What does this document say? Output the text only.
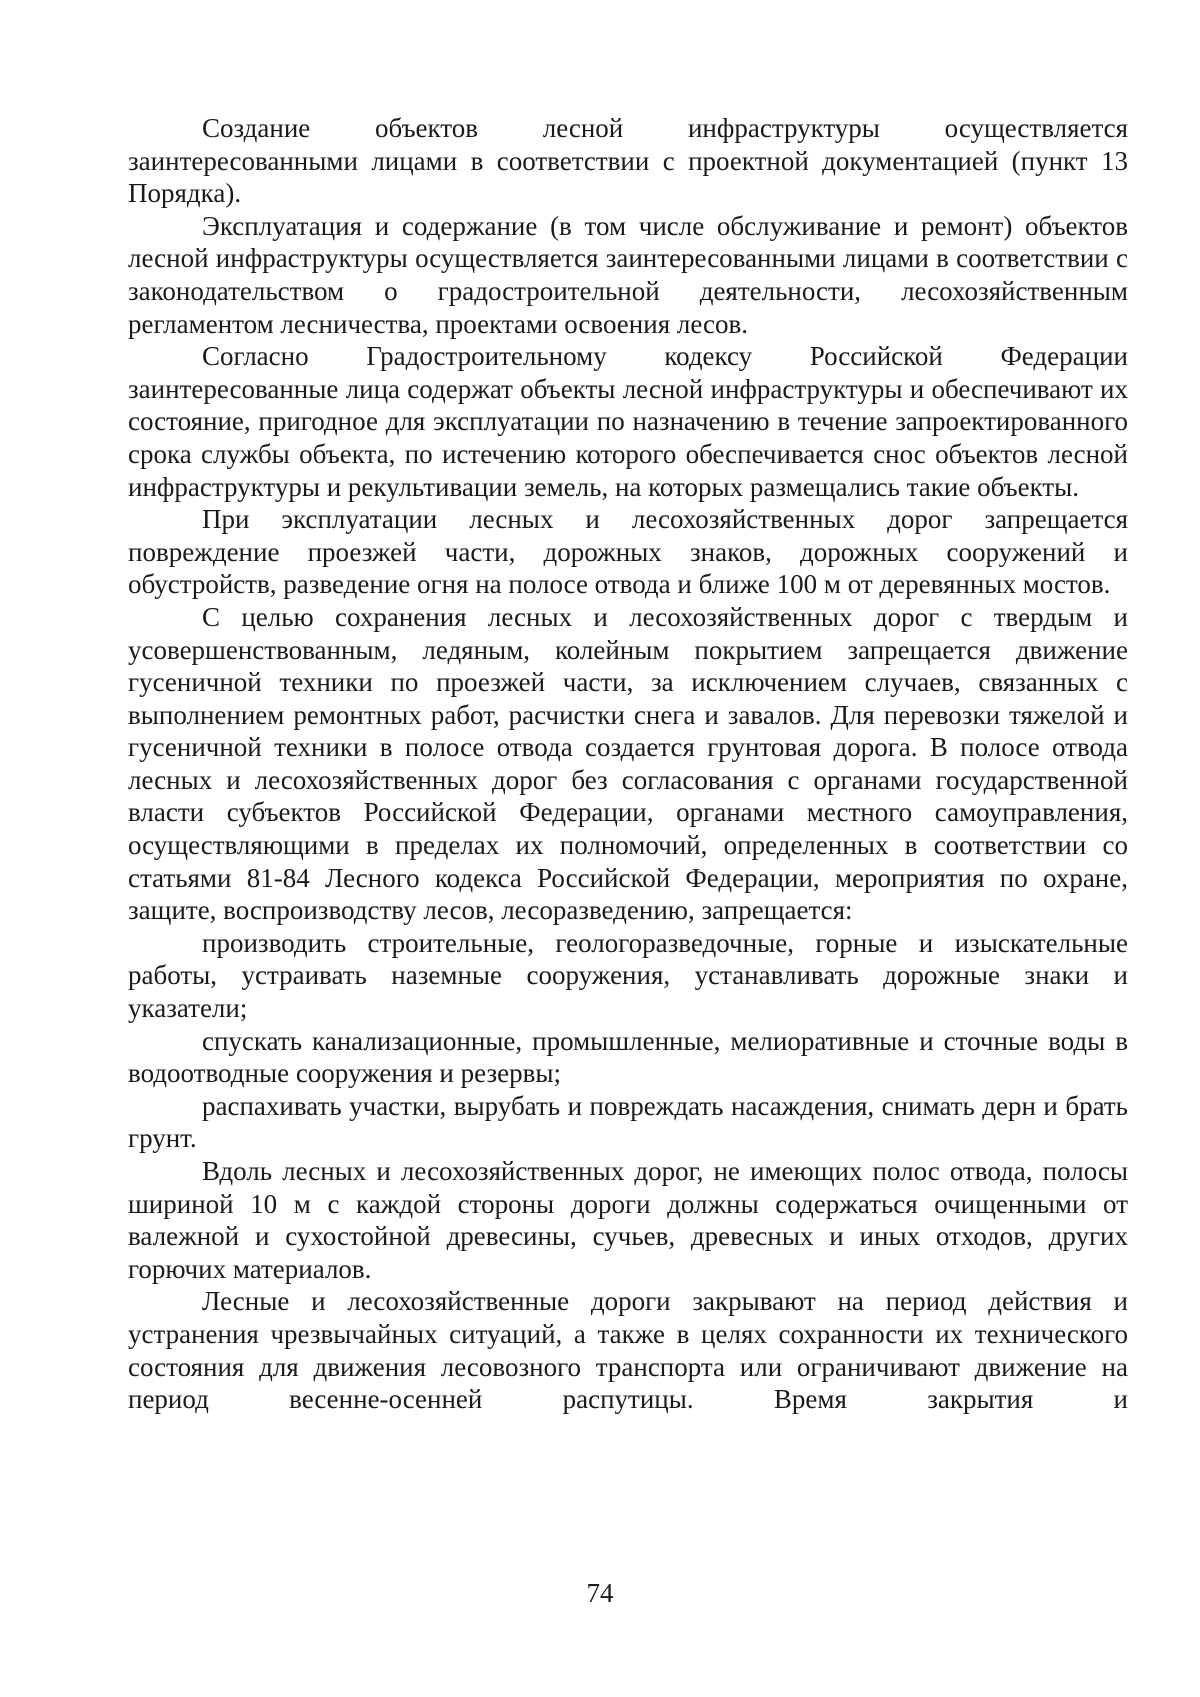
Создание объектов лесной инфраструктуры осуществляется заинтересованными лицами в соответствии с проектной документацией (пункт 13 Порядка).

Эксплуатация и содержание (в том числе обслуживание и ремонт) объектов лесной инфраструктуры осуществляется заинтересованными лицами в соответствии с законодательством о градостроительной деятельности, лесохозяйственным регламентом лесничества, проектами освоения лесов.

Согласно Градостроительному кодексу Российской Федерации заинтересованные лица содержат объекты лесной инфраструктуры и обеспечивают их состояние, пригодное для эксплуатации по назначению в течение запроектированного срока службы объекта, по истечению которого обеспечивается снос объектов лесной инфраструктуры и рекультивации земель, на которых размещались такие объекты.

При эксплуатации лесных и лесохозяйственных дорог запрещается повреждение проезжей части, дорожных знаков, дорожных сооружений и обустройств, разведение огня на полосе отвода и ближе 100 м от деревянных мостов.

С целью сохранения лесных и лесохозяйственных дорог с твердым и усовершенствованным, ледяным, колейным покрытием запрещается движение гусеничной техники по проезжей части, за исключением случаев, связанных с выполнением ремонтных работ, расчистки снега и завалов. Для перевозки тяжелой и гусеничной техники в полосе отвода создается грунтовая дорога. В полосе отвода лесных и лесохозяйственных дорог без согласования с органами государственной власти субъектов Российской Федерации, органами местного самоуправления, осуществляющими в пределах их полномочий, определенных в соответствии со статьями 81-84 Лесного кодекса Российской Федерации, мероприятия по охране, защите, воспроизводству лесов, лесоразведению, запрещается:

производить строительные, геологоразведочные, горные и изыскательные работы, устраивать наземные сооружения, устанавливать дорожные знаки и указатели;

спускать канализационные, промышленные, мелиоративные и сточные воды в водоотводные сооружения и резервы;

распахивать участки, вырубать и повреждать насаждения, снимать дерн и брать грунт.

Вдоль лесных и лесохозяйственных дорог, не имеющих полос отвода, полосы шириной 10 м с каждой стороны дороги должны содержаться очищенными от валежной и сухостойной древесины, сучьев, древесных и иных отходов, других горючих материалов.

Лесные и лесохозяйственные дороги закрывают на период действия и устранения чрезвычайных ситуаций, а также в целях сохранности их технического состояния для движения лесовозного транспорта или ограничивают движение на период весенне-осенней распутицы. Время закрытия и

74
